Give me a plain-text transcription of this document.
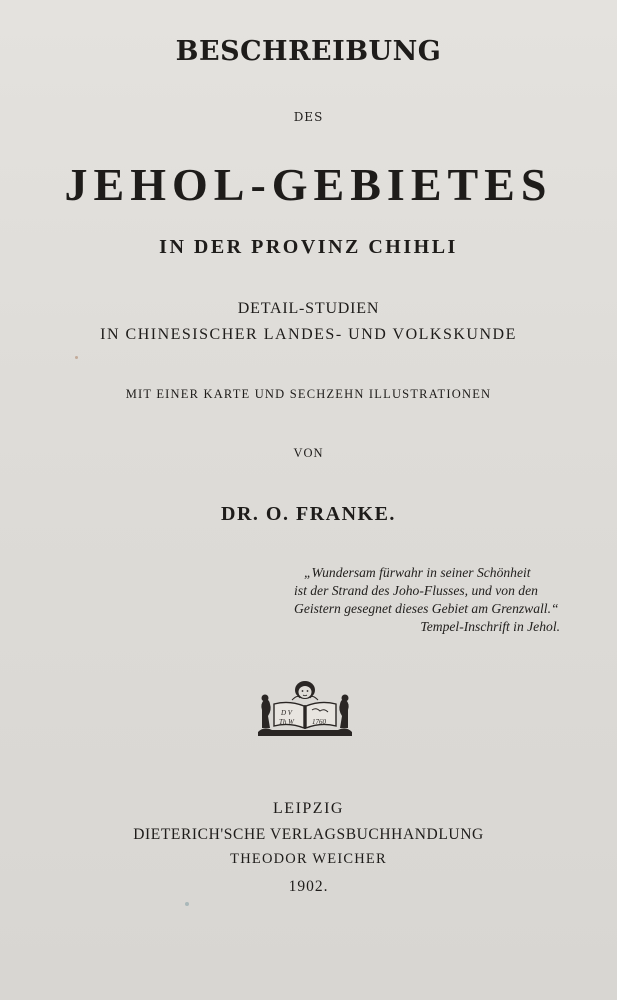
BESCHREIBUNG
DES
JEHOL-GEBIETES
IN DER PROVINZ CHIHLI
DETAIL-STUDIEN
IN CHINESISCHER LANDES- UND VOLKSKUNDE
MIT EINER KARTE UND SECHZEHN ILLUSTRATIONEN
VON
DR. O. FRANKE.
„Wundersam fürwahr in seiner Schönheit
ist der Strand des Joho-Flusses, und von den
Geistern gesegnet dieses Gebiet am Grenzwall.“
Tempel-Inschrift in Jehol.
D V
Th W	1760
LEIPZIG
DIETERICH'SCHE VERLAGSBUCHHANDLUNG
THEODOR WEICHER
1902.
